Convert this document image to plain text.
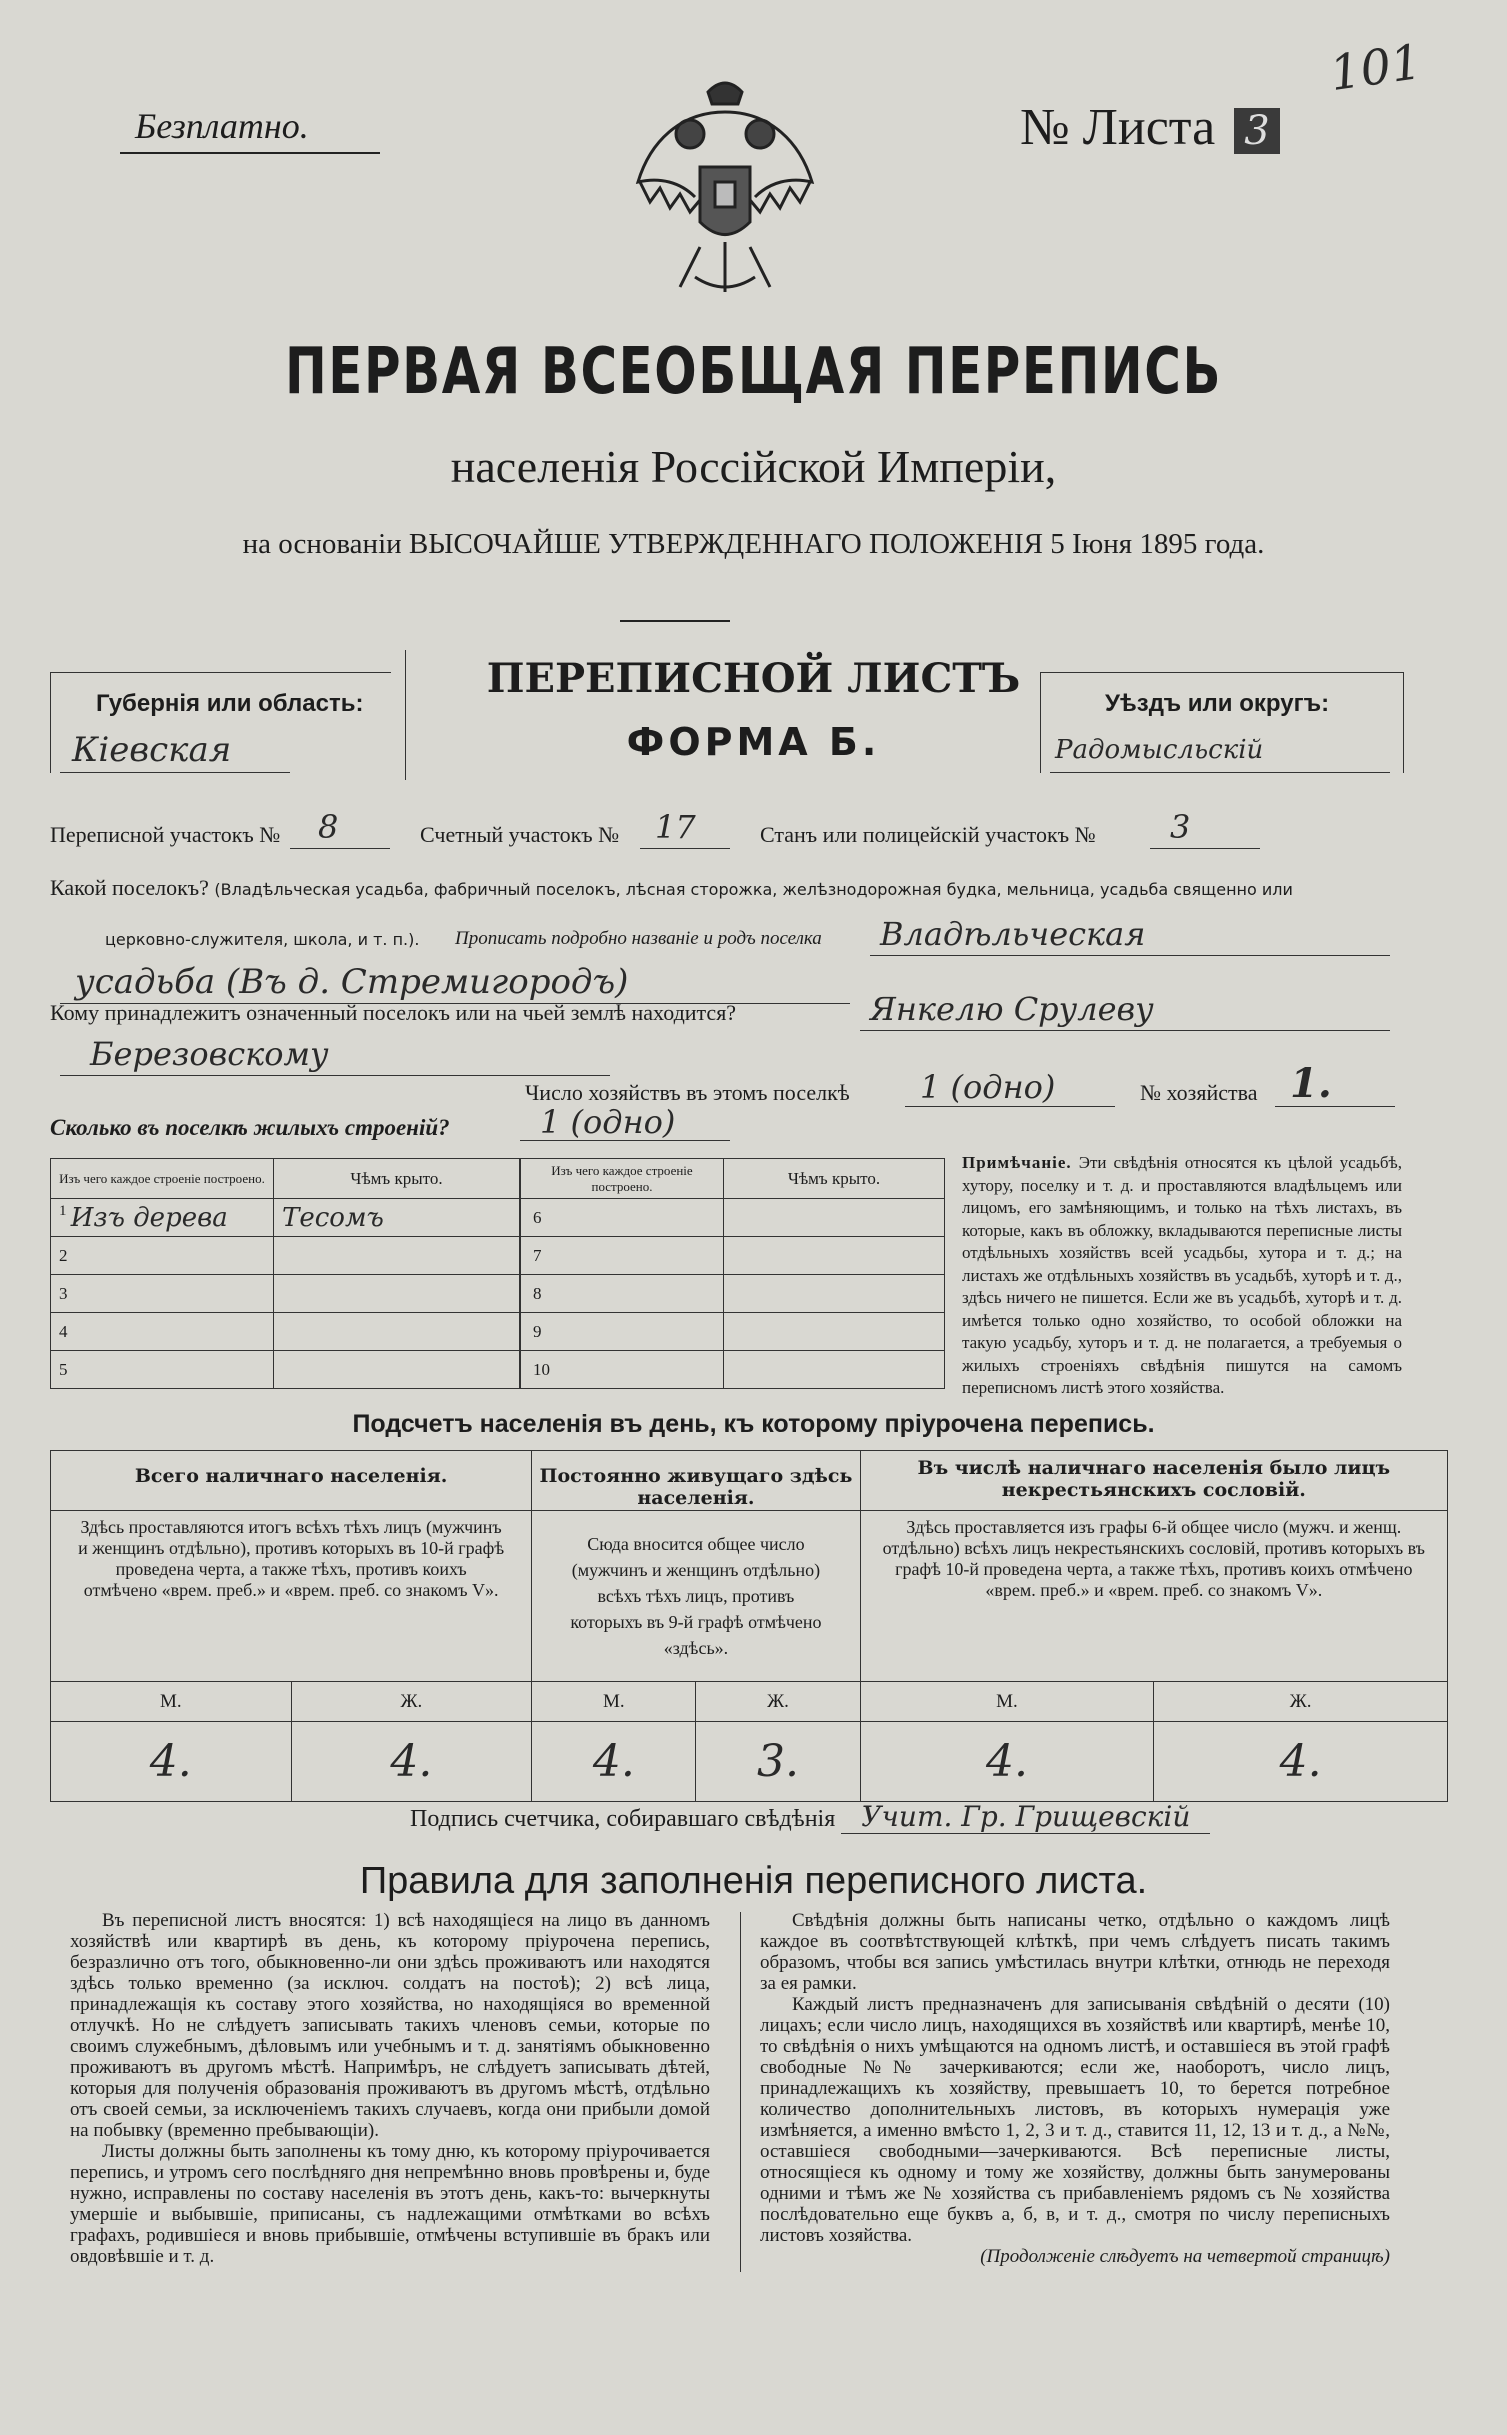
101
Безплатно.	№ Листа 3
ПЕРВАЯ ВСЕОБЩАЯ ПЕРЕПИСЬ
населенія Россійской Имперіи,
на основаніи ВЫСОЧАЙШЕ УТВЕРЖДЕННАГО ПОЛОЖЕНІЯ 5 Іюня 1895 года.
Губернія или область:
Кіевская
ПЕРЕПИСНОЙ ЛИСТЪ
ФОРМА Б.
Уѣздъ или округъ:
Радомысльскій
Переписной участокъ № 8	Счетный участокъ № 17	Станъ или полицейскій участокъ № 3
Какой поселокъ? (Владѣльческая усадьба, фабричный поселокъ, лѣсная сторожка, желѣзнодорожная будка, мельница, усадьба священно или
церковно-служителя, школа, и т. п.). Прописать подробно названіе и родъ поселка Владѣльческая
усадьба (Въ д. Стремигородъ)
Кому принадлежитъ означенный поселокъ или на чьей землѣ находится?	Янкелю Срулеву
Березовскому
Число хозяйствъ въ этомъ поселкѣ 1 (одно)	№ хозяйства 1.
Сколько въ поселкѣ жилыхъ строеній?	1 (одно)
Изъ чего каждое строеніе построено.	Чѣмъ крыто.
1 Изъ дерева	Тесомъ
2	
3	
4	
5	
Изъ чего каждое строеніе построено.	Чѣмъ крыто.
6	
7	
8	
9	
10	
Примѣчаніе. Эти свѣдѣнія относятся къ цѣлой усадьбѣ, хутору, поселку и т. д. и проставляются владѣльцемъ или лицомъ, его замѣняющимъ, и только на тѣхъ листахъ, въ которые, какъ въ обложку, вкладываются переписные листы отдѣльныхъ хозяйствъ всей усадьбы, хутора и т. д.; на листахъ же отдѣльныхъ хозяйствъ въ усадьбѣ, хуторѣ и т. д., здѣсь ничего не пишется. Если же въ усадьбѣ, хуторѣ и т. д. имѣется только одно хозяйство, то особой обложки на такую усадьбу, хуторъ и т. д. не полагается, а требуемыя о жилыхъ строеніяхъ свѣдѣнія пишутся на самомъ переписномъ листѣ этого хозяйства.
Подсчетъ населенія въ день, къ которому пріурочена перепись.
Всего наличнаго населенія.		Постоянно живущаго здѣсь населенія.		Въ числѣ наличнаго населенія было лицъ некрестьянскихъ сословій.	
Здѣсь проставляются итогъ всѣхъ тѣхъ лицъ (мужчинъ и женщинъ отдѣльно), противъ которыхъ въ 10-й графѣ проведена черта, а также тѣхъ, противъ коихъ отмѣчено «врем. преб.» и «врем. преб. со знакомъ V».		Сюда вносится общее число (мужчинъ и женщинъ отдѣльно) всѣхъ тѣхъ лицъ, противъ которыхъ въ 9-й графѣ отмѣчено «здѣсь».		Здѣсь проставляется изъ графы 6-й общее число (мужч. и женщ. отдѣльно) всѣхъ лицъ некрестьянскихъ сословій, противъ которыхъ въ графѣ 10-й проведена черта, а также тѣхъ, противъ коихъ отмѣчено «врем. преб.» и «врем. преб. со знакомъ V».	
М.	Ж.	М.	Ж.	М.	Ж.
4.	4.	4.	3.	4.	4.
Подпись счетчика, собиравшаго свѣдѣнія Учит. Гр. Грищевскій
Правила для заполненія переписного листа.

Въ переписной листъ вносятся: 1) всѣ находящіеся на лицо въ данномъ хозяйствѣ или квартирѣ въ день, къ которому пріурочена перепись, безразлично отъ того, обыкновенно-ли они здѣсь проживаютъ или находятся здѣсь только временно (за исключ. солдатъ на постоѣ); 2) всѣ лица, принадлежащія къ составу этого хозяйства, но находящіяся во временной отлучкѣ. Но не слѣдуетъ записывать такихъ членовъ семьи, которые по своимъ служебнымъ, дѣловымъ или учебнымъ и т. д. занятіямъ обыкновенно проживаютъ въ другомъ мѣстѣ. Напримѣръ, не слѣдуетъ записывать дѣтей, которыя для полученія образованія проживаютъ въ другомъ мѣстѣ, отдѣльно отъ своей семьи, за исключеніемъ такихъ случаевъ, когда они прибыли домой на побывку (временно пребывающіи).

Листы должны быть заполнены къ тому дню, къ которому пріурочивается перепись, и утромъ сего послѣдняго дня непремѣнно вновь провѣрены и, буде нужно, исправлены по составу населенія въ этотъ день, какъ-то: вычеркнуты умершіе и выбывшіе, приписаны, съ надлежащими отмѣтками во всѣхъ графахъ, родившіеся и вновь прибывшіе, отмѣчены вступившіе въ бракъ или овдовѣвшіе и т. д.

Свѣдѣнія должны быть написаны четко, отдѣльно о каждомъ лицѣ каждое въ соотвѣтствующей клѣткѣ, при чемъ слѣдуетъ писать такимъ образомъ, чтобы вся запись умѣстилась внутри клѣтки, отнюдь не переходя за ея рамки.

Каждый листъ предназначенъ для записыванія свѣдѣній о десяти (10) лицахъ; если число лицъ, находящихся въ хозяйствѣ или квартирѣ, менѣе 10, то свѣдѣнія о нихъ умѣщаются на одномъ листѣ, и оставшіеся въ этой графѣ свободные №№ зачеркиваются; если же, наоборотъ, число лицъ, принадлежащихъ къ хозяйству, превышаетъ 10, то берется потребное количество дополнительныхъ листовъ, въ которыхъ нумерація уже измѣняется, а именно вмѣсто 1, 2, 3 и т. д., ставится 11, 12, 13 и т. д., а №№, оставшіеся свободными—зачеркиваются. Всѣ переписные листы, относящіеся къ одному и тому же хозяйству, должны быть занумерованы одними и тѣмъ же № хозяйства съ прибавленіемъ рядомъ съ № хозяйства послѣдовательно еще буквъ а, б, в, и т. д., смотря по числу переписныхъ листовъ хозяйства.

(Продолженіе слѣдуетъ на четвертой страницѣ)
